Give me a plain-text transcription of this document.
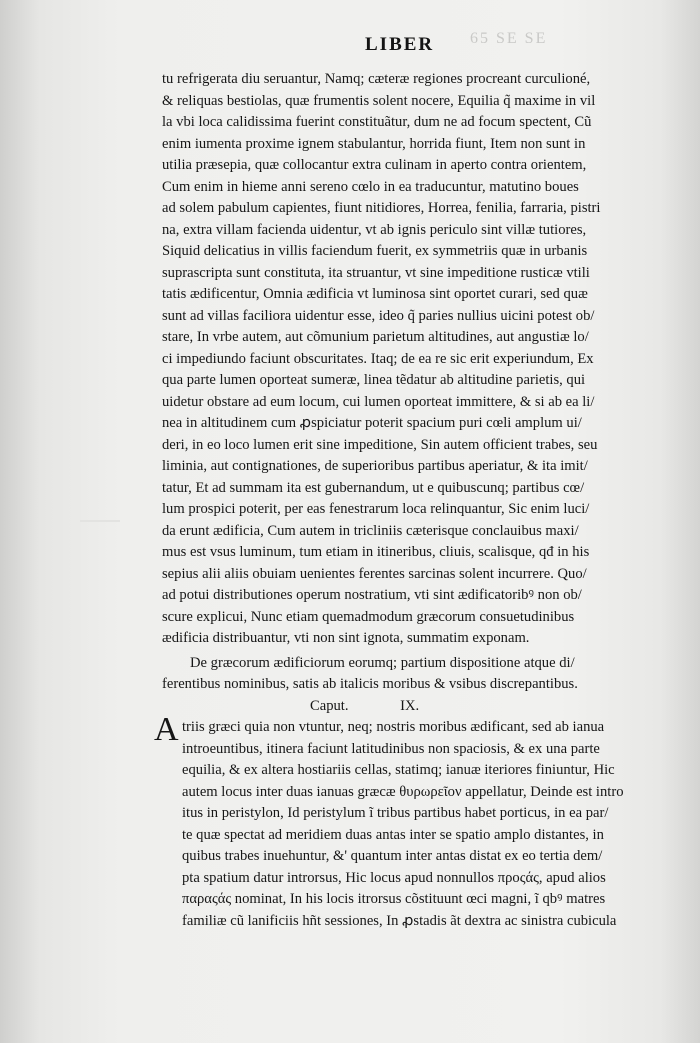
65 SE SE
LIBER
tu refrigerata diu seruantur, Namq; cæteræ regiones procreant curculioné,
& reliquas bestiolas, quæ frumentis solent nocere, Equilia q̃ maxime in vil
la vbi loca calidissima fuerint constituãtur, dum ne ad focum spectent, Cũ
enim iumenta proxime ignem stabulantur, horrida fiunt, Item non sunt in
utilia præsepia, quæ collocantur extra culinam in aperto contra orientem,
Cum enim in hieme anni sereno cœlo in ea traducuntur, matutino boues
ad solem pabulum capientes, fiunt nitidiores, Horrea, fenilia, farraria, pistri
na, extra villam facienda uidentur, vt ab ignis periculo sint villæ tutiores,
Siquid delicatius in villis faciendum fuerit, ex symmetriis quæ in urbanis
suprascripta sunt constituta, ita struantur, vt sine impeditione rusticæ vtili
tatis ædificentur, Omnia ædificia vt luminosa sint oportet curari, sed quæ
sunt ad villas faciliora uidentur esse, ideo q̃ paries nullius uicini potest ob/
stare, In vrbe autem, aut cõmunium parietum altitudines, aut angustiæ lo/
ci impediundo faciunt obscuritates. Itaq; de ea re sic erit experiundum, Ex
qua parte lumen oporteat sumeræ, linea tẽdatur ab altitudine parietis, qui
uidetur obstare ad eum locum, cui lumen oporteat immittere, & si ab ea li/
nea in altitudinem cum ꝓspiciatur poterit spacium puri cœli amplum ui/
deri, in eo loco lumen erit sine impeditione, Sin autem officient trabes, seu
liminia, aut contignationes, de superioribus partibus aperiatur, & ita imit/
tatur, Et ad summam ita est gubernandum, ut e quibuscunq; partibus cœ/
lum prospici poterit, per eas fenestrarum loca relinquantur, Sic enim luci/
da erunt ædificia, Cum autem in tricliniis cæterisque conclauibus maxi/
mus est vsus luminum, tum etiam in itineribus, cliuis, scalisque, qđ in his
sepius alii aliis obuiam uenientes ferentes sarcinas solent incurrere. Quo/
ad potui distributiones operum nostratium, vti sint ædificatoribꝰ non ob/
scure explicui, Nunc etiam quemadmodum græcorum consuetudinibus
ædificia distribuantur, vti non sint ignota, summatim exponam.
De græcorum ædificiorum eorumq; partium dispositione atque di/
ferentibus nominibus, satis ab italicis moribus & vsibus discrepantibus.
Caput. IX.
A triis græci quia non vtuntur, neq; nostris moribus ædificant, sed ab ianua
introeuntibus, itinera faciunt latitudinibus non spaciosis, & ex una parte
equilia, & ex altera hostiariis cellas, statimq; ianuæ iteriores finiuntur, Hic
autem locus inter duas ianuas græcæ θυρωρεῖον appellatur, Deinde est intro
itus in peristylon, Id peristylum ĩ tribus partibus habet porticus, in ea par/
te quæ spectat ad meridiem duas antas inter se spatio amplo distantes, in
quibus trabes inuehuntur, &' quantum inter antas distat ex eo tertia dem/
pta spatium datur introrsus, Hic locus apud nonnullos προςάς, apud alios
παραςάς nominat, In his locis itrorsus cõstituunt œci magni, ĩ qbꝰ matres
familiæ cũ lanificiis hñt sessiones, In ꝓstadis ãt dextra ac sinistra cubicula
